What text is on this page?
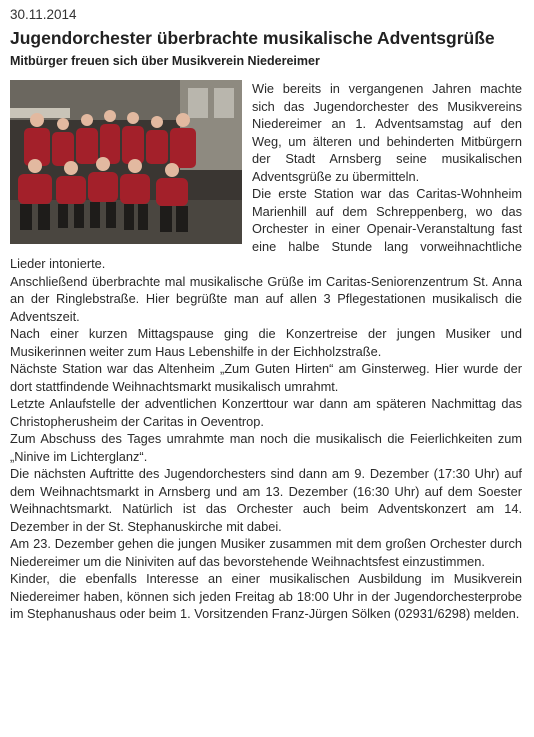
30.11.2014
Jugendorchester überbrachte musikalische Adventsgrüße
Mitbürger freuen sich über Musikverein Niedereimer

Wie bereits in vergangenen Jahren machte sich das Jugendorchester des Musikvereins Niedereimer an 1. Adventsamstag auf den Weg, um älteren und behinderten Mitbürgern der Stadt Arnsberg seine musikalischen Adventsgrüße zu übermitteln.

Die erste Station war das Caritas-Wohnheim Marienhill auf dem Schreppenberg, wo das Orchester in einer Openair-Veranstaltung fast eine halbe Stunde lang vorweihnachtliche Lieder intonierte.

Anschließend überbrachte mal musikalische Grüße im Caritas-Seniorenzentrum St. Anna an der Ringlebstraße. Hier begrüßte man auf allen 3 Pflegestationen musikalisch die Adventszeit.

Nach einer kurzen Mittagspause ging die Konzertreise der jungen Musiker und Musikerinnen weiter zum Haus Lebenshilfe in der Eichholzstraße.

Nächste Station war das Altenheim „Zum Guten Hirten“ am Ginsterweg. Hier wurde der dort stattfindende Weihnachtsmarkt musikalisch umrahmt.

Letzte Anlaufstelle der adventlichen Konzerttour war dann am späteren Nachmittag das Christopherusheim der Caritas in Oeventrop.

Zum Abschuss des Tages umrahmte man noch die musikalisch die Feierlichkeiten zum „Ninive im Lichterglanz“.

Die nächsten Auftritte des Jugendorchesters sind dann am 9. Dezember (17:30 Uhr) auf dem Weihnachtsmarkt in Arnsberg und am 13. Dezember (16:30 Uhr) auf dem Soester Weihnachtsmarkt. Natürlich ist das Orchester auch beim Adventskonzert am 14. Dezember in der St. Stephanuskirche mit dabei.

Am 23. Dezember gehen die jungen Musiker zusammen mit dem großen Orchester durch Niedereimer um die Niniviten auf das bevorstehende Weihnachtsfest einzustimmen.

Kinder, die ebenfalls Interesse an einer musikalischen Ausbildung im Musikverein Niedereimer haben, können sich jeden Freitag ab 18:00 Uhr in der Jugendorchesterprobe im Stephanushaus oder beim 1. Vorsitzenden Franz-Jürgen Sölken (02931/6298) melden.
